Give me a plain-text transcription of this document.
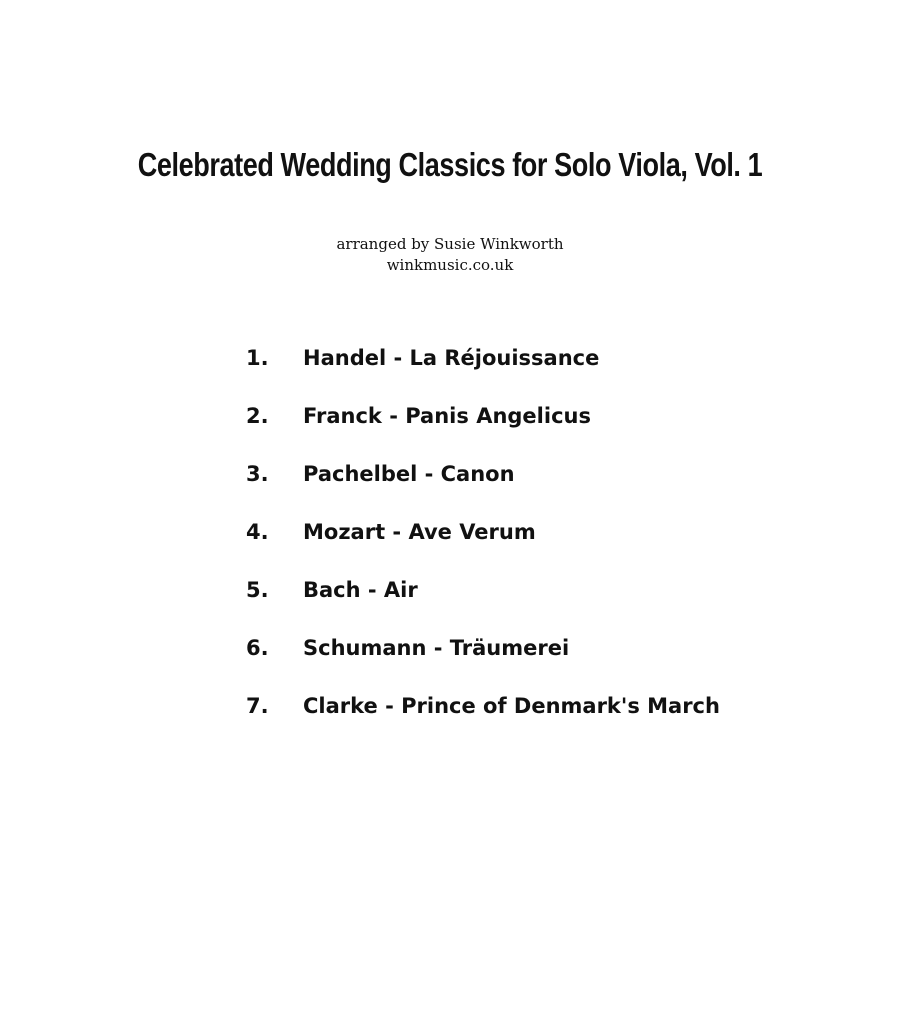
Celebrated Wedding Classics for Solo Viola, Vol. 1
arranged by Susie Winkworth
winkmusic.co.uk
1.	Handel - La Réjouissance
2.	Franck - Panis Angelicus
3.	Pachelbel - Canon
4.	Mozart - Ave Verum
5.	Bach - Air
6.	Schumann - Träumerei
7.	Clarke - Prince of Denmark's March
